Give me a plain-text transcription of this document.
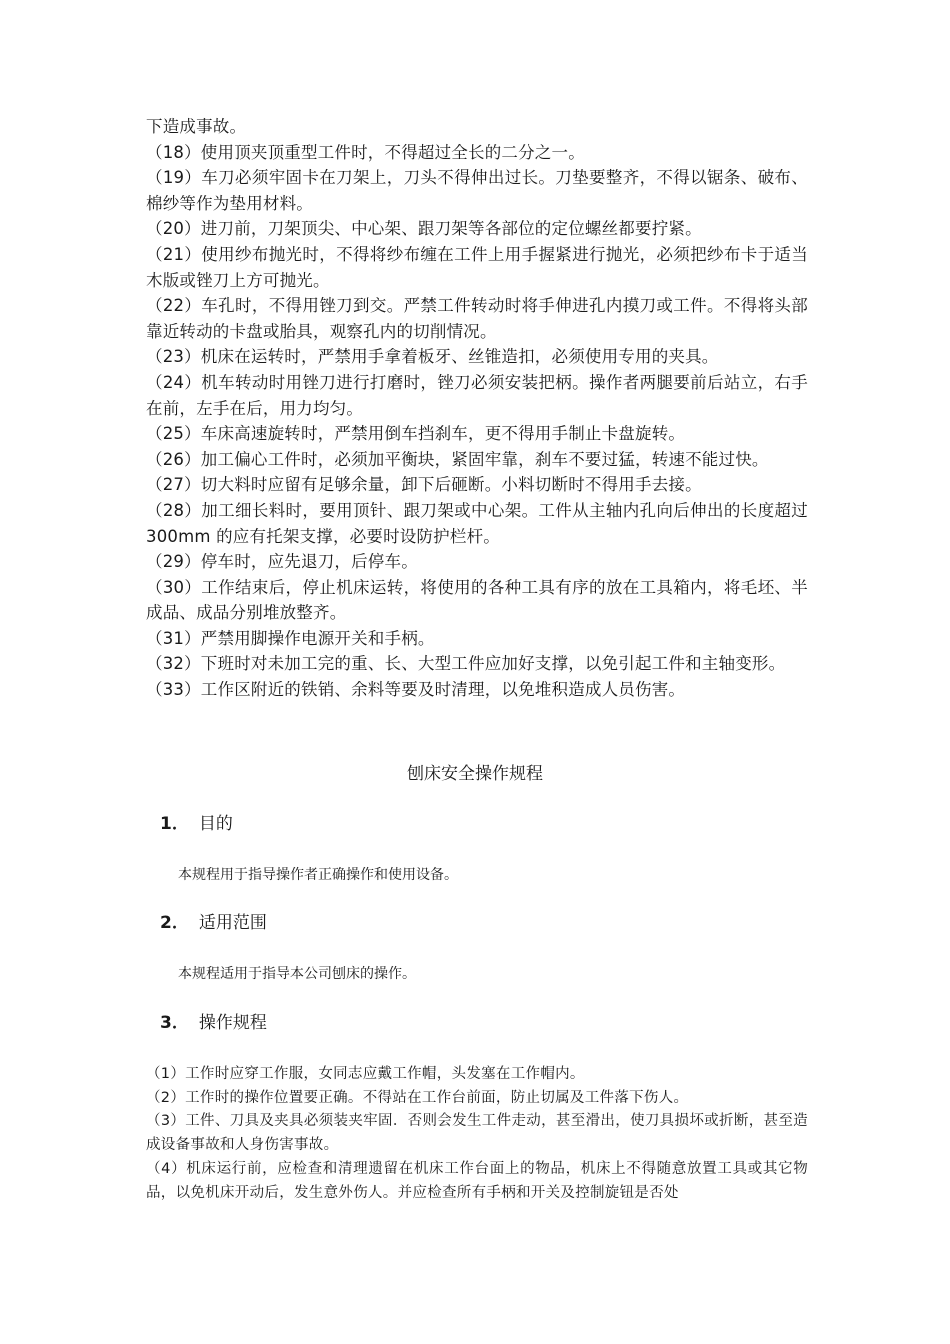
下造成事故。

（18）使用顶夹顶重型工件时，不得超过全长的二分之一。

（19）车刀必须牢固卡在刀架上，刀头不得伸出过长。刀垫要整齐，不得以锯条、破布、棉纱等作为垫用材料。

（20）进刀前，刀架顶尖、中心架、跟刀架等各部位的定位螺丝都要拧紧。

（21）使用纱布抛光时，不得将纱布缠在工件上用手握紧进行抛光，必须把纱布卡于适当木版或锉刀上方可抛光。

（22）车孔时，不得用锉刀到交。严禁工件转动时将手伸进孔内摸刀或工件。不得将头部靠近转动的卡盘或胎具，观察孔内的切削情况。

（23）机床在运转时，严禁用手拿着板牙、丝锥造扣，必须使用专用的夹具。

（24）机车转动时用锉刀进行打磨时，锉刀必须安装把柄。操作者两腿要前后站立，右手在前，左手在后，用力均匀。

（25）车床高速旋转时，严禁用倒车挡刹车，更不得用手制止卡盘旋转。

（26）加工偏心工件时，必须加平衡块，紧固牢靠，刹车不要过猛，转速不能过快。

（27）切大料时应留有足够余量，卸下后砸断。小料切断时不得用手去接。

（28）加工细长料时，要用顶针、跟刀架或中心架。工件从主轴内孔向后伸出的长度超过 300mm 的应有托架支撑，必要时设防护栏杆。

（29）停车时，应先退刀，后停车。

（30）工作结束后，停止机床运转，将使用的各种工具有序的放在工具箱内，将毛坯、半成品、成品分别堆放整齐。

（31）严禁用脚操作电源开关和手柄。

（32）下班时对未加工完的重、长、大型工件应加好支撑，以免引起工件和主轴变形。

（33）工作区附近的铁销、余料等要及时清理，以免堆积造成人员伤害。

刨床安全操作规程
1． 目的
本规程用于指导操作者正确操作和使用设备。
2． 适用范围
本规程适用于指导本公司刨床的操作。
3． 操作规程

（1）工作时应穿工作服，女同志应戴工作帽，头发塞在工作帽内。

（2）工作时的操作位置要正确。不得站在工作台前面，防止切属及工件落下伤人。

（3）工件、刀具及夹具必须装夹牢固．否则会发生工件走动，甚至滑出，使刀具损坏或折断，甚至造成设备事故和人身伤害事故。

（4）机床运行前，应检查和清理遗留在机床工作台面上的物品，机床上不得随意放置工具或其它物品，以免机床开动后，发生意外伤人。并应检查所有手柄和开关及控制旋钮是否处
